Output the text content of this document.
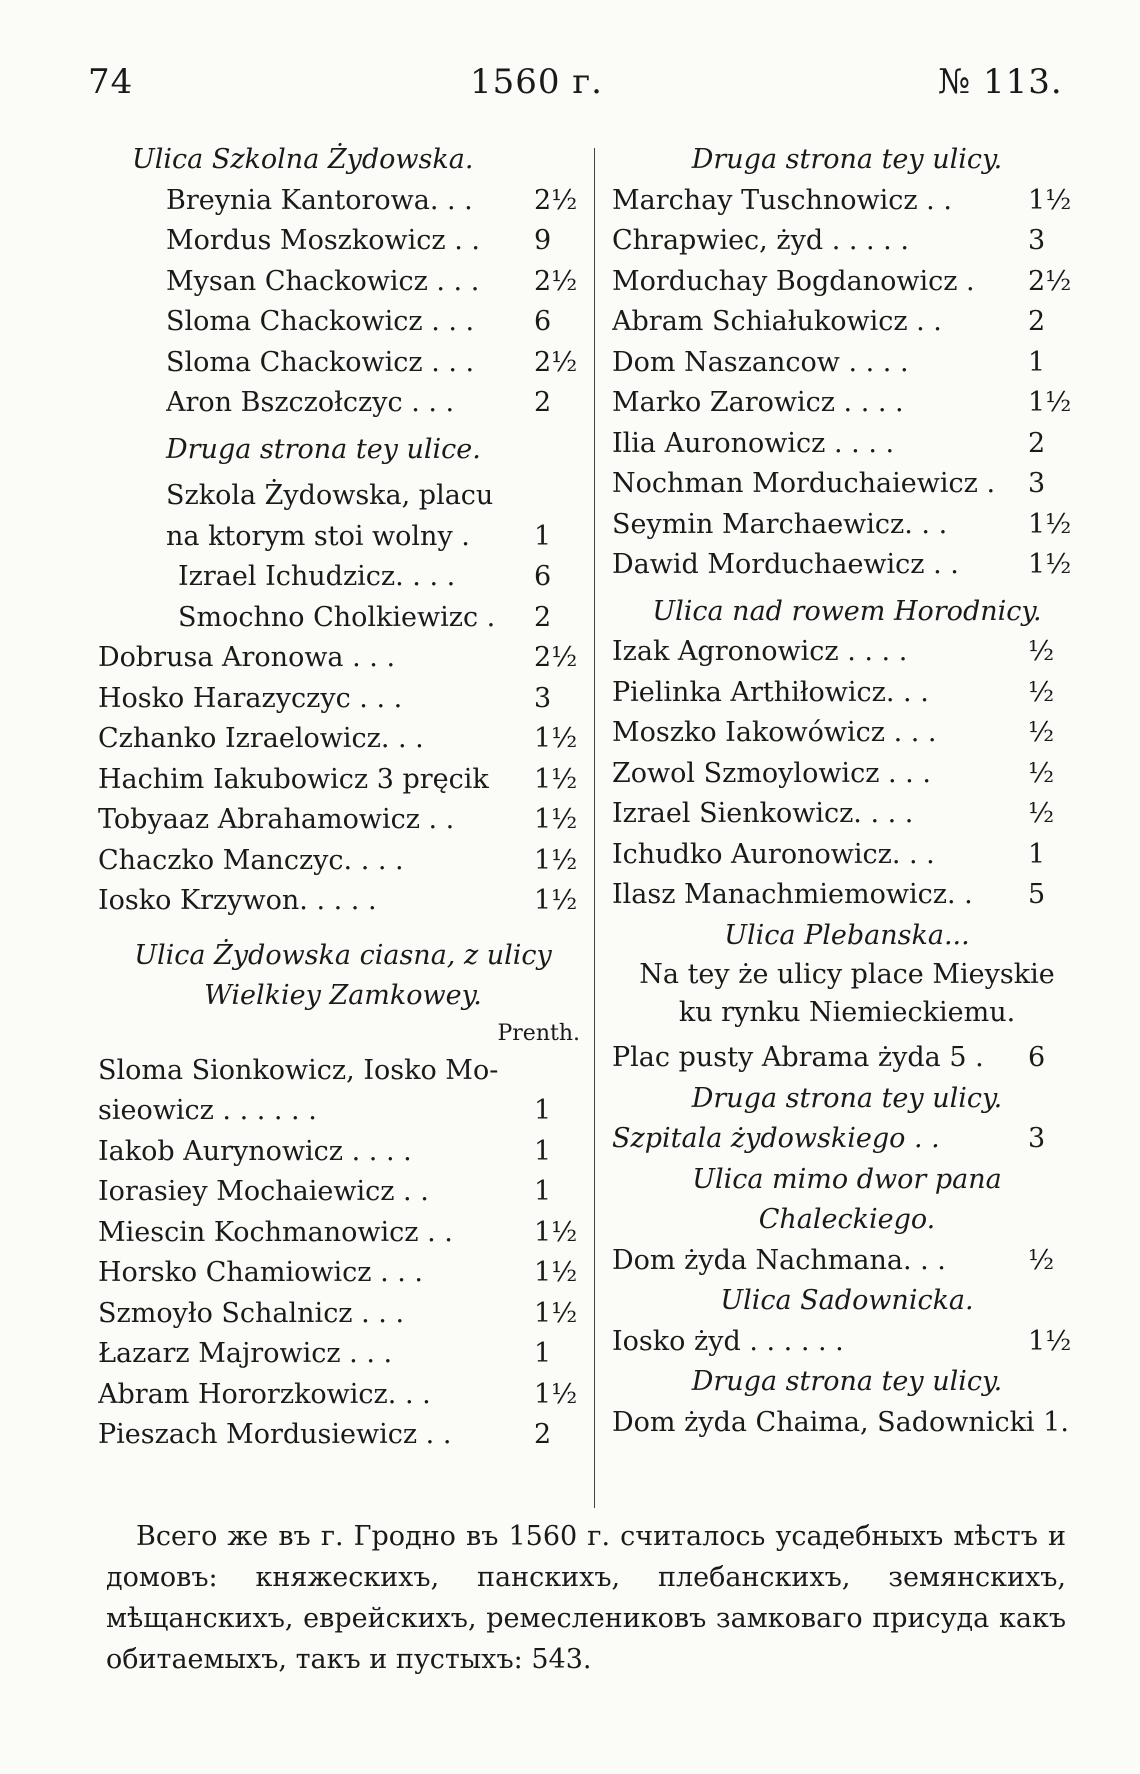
74	1560 г.	№ 113.
Ulica Szkolna Żydowska.
Breynia Kantorowa. . .	2½
Mordus Moszkowicz . .	9
Mysan Chackowicz . . .	2½
Sloma Chackowicz . . .	6
Sloma Chackowicz . . .	2½
Aron Bszczołczyc . . .	2
Druga strona tey ulice.
Szkola Żydowska, placu
na ktorym stoi wolny .	1
Izrael Ichudzicz. . . .	6
Smochno Cholkiewizc .	2
Dobrusa Aronowa . . .	2½
Hosko Harazyczyc . . .	3
Czhanko Izraelowicz. . .	1½
Hachim Iakubowicz 3 pręcik	1½
Tobyaaz Abrahamowicz . .	1½
Chaczko Manczyc. . . .	1½
Iosko Krzywon. . . . .	1½
Ulica Żydowska ciasna, z ulicy
Wielkiey Zamkowey.
Prenth.
Sloma Sionkowicz, Iosko Mo-
sieowicz . . . . . .	1
Iakob Aurynowicz . . . .	1
Iorasiey Mochaiewicz . .	1
Miescin Kochmanowicz . .	1½
Horsko Chamiowicz . . .	1½
Szmoyło Schalnicz . . .	1½
Łazarz Majrowicz . . .	1
Abram Hororzkowicz. . .	1½
Pieszach Mordusiewicz . .	2
Druga strona tey ulicy.
Marchay Tuschnowicz . .	1½
Chrapwiec, żyd . . . . .	3
Morduchay Bogdanowicz .	2½
Abram Schiałukowicz . .	2
Dom Naszancow . . . .	1
Marko Zarowicz . . . .	1½
Ilia Auronowicz . . . .	2
Nochman Morduchaiewicz .	3
Seymin Marchaewicz. . .	1½
Dawid Morduchaewicz . .	1½
Ulica nad rowem Horodnicy.
Izak Agronowicz . . . .	½
Pielinka Arthiłowicz. . .	½
Moszko Iakowówicz . . .	½
Zowol Szmoylowicz . . .	½
Izrael Sienkowicz. . . .	½
Ichudko Auronowicz. . .	1
Ilasz Manachmiemowicz. .	5
Ulica Plebanska...
Na tey że ulicy place Mieyskie
ku rynku Niemieckiemu.
Plac pusty Abrama żyda 5 .	6
Druga strona tey ulicy.
Szpitala żydowskiego . .	3
Ulica mimo dwor pana
Chaleckiego.
Dom żyda Nachmana. . .	½
Ulica Sadownicka.
Iosko żyd . . . . . .	1½
Druga strona tey ulicy.
Dom żyda Chaima, Sadownicki 1.
Всего же въ г. Гродно въ 1560 г. считалось усадебныхъ мѣстъ и домовъ: княжескихъ, панскихъ, плебанскихъ, земянскихъ, мѣщанскихъ, еврейскихъ, ремеслениковъ замковаго присуда какъ обитаемыхъ, такъ и пустыхъ: 543.
